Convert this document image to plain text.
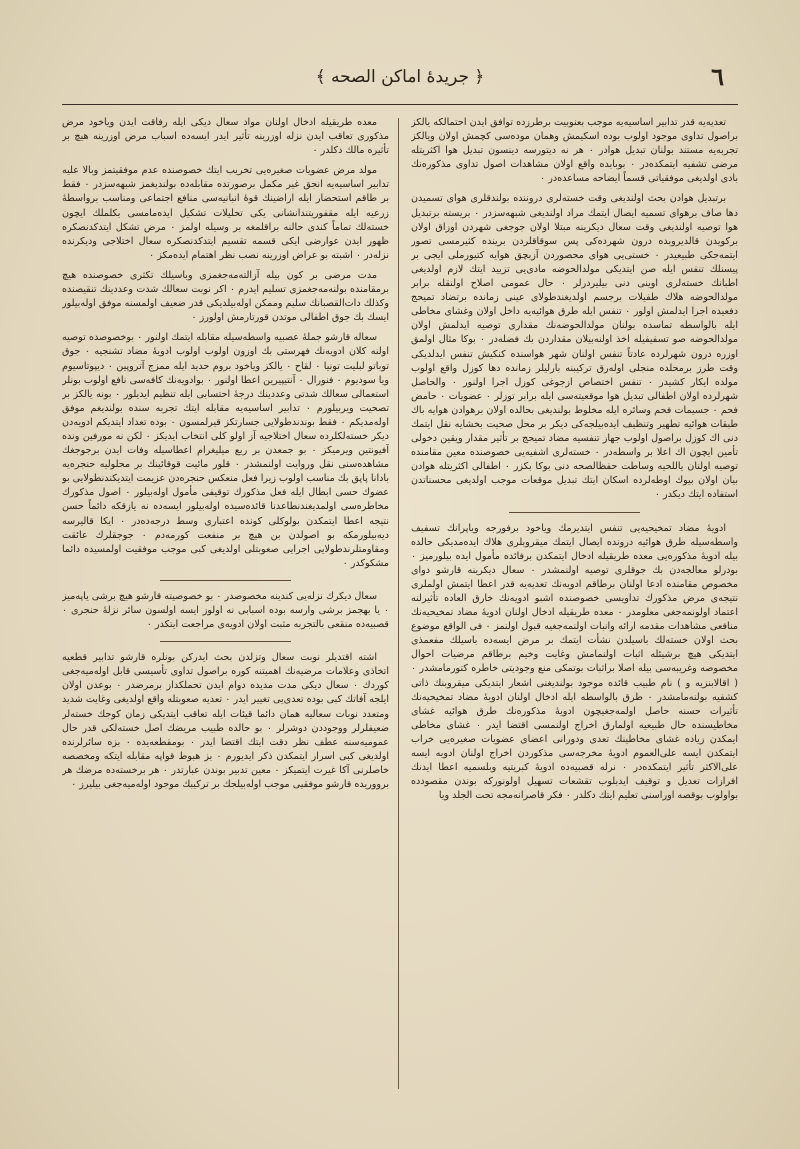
٦
﴿ جریدهٔ اماکن الصحه ﴾

تعدیه‌یه قدر تدابیر اساسیه‌یه موجب بعنوبیت برطرزده توافق ایدن احتمالکه یالکز براصول تداوی موجود اولوب بوده اسکیمش وهمان موده‌سی کچمش اولان ویالکز تجربه‌یه مستند بولنان تبدیل هوادر ۰ هر نه دیتورسه دینسون تبدیل هوا اکثریتله مرضی تشفیه ایتمکده‌در ۰ بوبابده واقع اولان مشاهدات اصول تداوی مذکوره‌نك بادی اولدیغی موفقیاتی قسماً ایضاحه مساعده‌در ۰

برتبدیل هوادن بحث اولندیغی وقت خسته‌لری دروننده بولندقلری هوای تسمیدن دها صاف برهوای تسمیه ایصال ایتمك مراد اولندیغی شبهه‌سزدر ۰ بریسته برتبدیل هوا توصیه اولندیغی وقت سعال دیکرینه مبتلا اولان جوجغی شهردن اوزاق اولان برکویدن قالدیروبده درون شهرده‌کی پس سوقاقلردن برینده کثیرمسی تصور ایتمه‌جکی طبیعیدر ۰ خستی‌یی هوای محصوردن آزبچق هوایه کتیورملی ایجی بر پیسنلك تنفس ایله صن ایتدیکی مولدالحوضه مادی‌یی تزیید ایتك لازم اولدیغی اطبانك خسته‌لری اوینی دنی بیلیردرلر ۰ حال عمومی اصلاح اولنقله برابر مولدالحوضه هلاك طفیلات برجسم اولدیغندطولای عینی زمانده برتضاد تمیحج دفعیده اجرا ایدلمش اولور ۰ تنفس ایله طرق هوائیه‌یه داخل اولان وغشای مخاطی ایله بالواسطه تماسده بولنان مولدالحوضه‌نك مقداری توصیه ایدلمش اولان مولدالحوضه صو تسفیفیله اخذ اولنه‌بیلان مقداردن بك فضله‌در ۰ بوکا مثال اولمق اوزره درون شهرلرده عادتاً تنفس اولنان شهر هواسنده کنکیش تنفس ایدلدیکی وقت طرز برمحلده منجلی اوله‌رق ترکیبنه بارلیلر زمانده دها کوزل واقع اولوب مولده ایکار کشیدر ۰ تنفس اختصاص ازجوغی کوزل اجرا اولنور ۰ والحاصل شهرلرده اولان اطفالی تبدیل هوا موقعیته‌سی ایله برابر توزلر ۰ عضویات ۰ حامض فحم ۰ جسیمات فحم وسائره ایله مخلوط بولندیغی بحالده اولان برهوادن هوایه باك طبقات هوائیه تطهیر وتنظیف ایده‌بیلجه‌کی دیکر بر محل صحیت بخشایه نقل ایتمك دنی اك کوزل براصول اولوب جهاز تنفسیه مضاد تمیحج بر تأثیر مقدار ویقین دخولی تأمین ایچون اك اعلا بر واسطه‌در ۰ خسته‌لری اشفیه‌یی خصوصنده معین مقامنده توصیه اولنان ياللحیه وساطت حفظالصحه دنی بوکا بکزر ۰ اطفالی اکثریتله هوادن بیان اولان بیوك اوطه‌لرده اسکان ایتك تبدیل موقعات موجب اولدیغی محسناتدن استفاده ایتك دیکدر ۰

ادویهٔ مضاد تمخیحیه‌یی تنفس ایتدیرمك ویاخود برفورجه ویاپرانك تسفیف واسطه‌سیله طرق هوائیه درونده ایصال ایتمك میقروبلری هلاك ایده‌مدیکی حالده بیله ادویهٔ مذکوره‌یی معده طریقیله ادخال ایتمکدن برفائده مأمول ایده بیلورمیز ۰ بودرلو معالجه‌دن بك جوقلری توصیه اولنمشدر ۰ سعال دیکرینه قارشو دوای مخصوص مقامنده ادعا اولنان برطاقم ادویه‌نك تعدیه‌یه قدر اعطا ایتمش اولملری نتیجه‌ی مرض مذکورك تداویسی خصوصنده اشبو ادویه‌نك خارق العاده تأثیرلنه اعتماد اولونمه‌جغی معلومدر ۰ معده طریقیله ادخال اولنان ادویهٔ مضاد تمخیحیه‌نك منافعی مشاهدات مقدمه ارائه وانبات اولنمه‌جغیه قبول اولنمز ۰ فی الواقع موضوع بحث اولان خسته‌لك باسیلدن نشأت ایتمك بر مرض ایسه‌ده باسیلك مفعمذی ایتدیکی هیچ برشیئله اثبات اولنمامش وغایت وخیم برطاقم مرضیات احوال مخصوصه وغریبه‌سی بیله اصلا براثبات بوتمکی منع وجودیتی خاطره کتورمامشدر ۰ ( اقالابنزیه و ) نام طبیب قائده موجود بولندیغنی اشعار ایتدیکی میقروبنك ذاتی کشفیه بولنه‌مامشدر ۰ طرق بالواسطه ایله ادخال اولنان ادویهٔ مضاد تمخیحیه‌نك تأثیرات حسنه حاصل اولمه‌جغیچون ادویهٔ مذکوره‌نك طرق هوائیه غشای مخاطیسنده حال طبیعیه اولمارق اخراج اولنمسی اقتضا ایدر ۰ غشای مخاطی ایمکدن زیاده غشای مخاطینك تعدی ودورانی اعضای عضویات صغیره‌یی خراب ایتمکدن ایسه علی‌العموم ادویهٔ مخرجه‌سی مذکوردن اخراج اولنان ادویه ایسه علی‌الاکثر تأثیر ایتمکده‌در ۰ نرله قصبیه‌ده ادویهٔ کبریتیه وبلسمیه اعطا ایدنك افرازات تعدیل و توقیف ایدبلوب تقشعات تسهیل اولونورکه بوندن مقصودده بواولوب بوقصه اوراسنی تعلیم ایتك دکلدر ۰ فکر قاصرانه‌مجه تحت الجلد ویا

معده طریقیله ادخال اولنان مواد سعال دیکی ایله رفاقت ایدن ویاخود مرض مذکوری تعاقب ایدن نزله اوزرینه تأثیر ایدر ایسه‌ده اسباب مرض اوزرینه هیچ بر تأثیره مالك دکلدر ۰

مولد مرض عضویات صغیره‌یی تخریب ایتك خصوصنده عدم موفقیتمز وبالا علیه تدابیر اساسیه‌یه انجق غیر مکمل برصورتده مقابله‌ده بولندیغمز شبهه‌سزدر ۰ فقط بر طاقم استحضار ایله اراضینك قوهٔ انبانیه‌سی منافع اجتماعی ومناسب برواسطهٔ زرعیه ایله مقفوریتندانشانی یکی تحلیلات تشکیل ایده‌مامسی بکلملك ایچون خسته‌لك تماماً کندی حالنه براقلمغه بر وسیله اولمز ۰ مرض تشکل ایتدکدنصکره ظهور ایدن عوارضی ایکی قسمه تقسیم ایتدکدنصکره سعال اختلاجی ودیکرنده نزله‌در ۰ اشبته بو عراض اوزرینه نصب نظر اهتمام ایده‌مکز ۰

مدت مرضی بر کون بیله آزالته‌مه‌جغمزی وباسیلك تکثری خصوصنده هیچ برمقامنده بولنه‌مه‌جغمزی تسلیم ایدرم ۰ اکر نوبت سعالك شدت وعددینك تنقیصنده وکذلك دات‌القصبانك سلیم وممکن اوله‌بیلدیکی قدر ضعیف اولمسنه موفق اوله‌بیلور ایسك بك جوق اطفالی موتدن قورتارمش اولورز ۰

سعاله قارشو جملهٔ عصبیه واسطه‌سیله مقابله ایتمك اولنور ۰ بوخصوصده توصیه اولنه کلان ادویه‌نك فهرستی بك اوزون اولوب اولوب ادویهٔ مضاد تشنجیه ۰ جوق توباتو لبلیت تونیا ۰ لقاح ۰ یالکز ویاخود بروم حدید ایله ممزج آتروپین ۰ دیپوتاسیوم ویا سودیوم ۰ فنورال ۰ آنتیپیرین اعطا اولنور ۰ بوادویه‌نك کافه‌سی نافع اولوب بونلر استعمالی سعالك شدتی وعددینك درجهٔ احتسابی ایله تنظیم ایدیلور ۰ بونه یالکز بر تصحیت ویربیلورم ۰ تدابیر اساسیه‌یه مقابله ایتك تجربه سنده بولندیغم موفق اوله‌مدیکم ۰ فقط بوندندطولایی جسارتکز قیرلمسون ۰ بوده تعداد ایتدیکم ادویه‌دن دیکر خسته‌لکلرده سعال اختلاجیه آز اولو کلی انتخاب ایدیکز ۰ لکن نه مورفین ونده آفیونتین ویرمیکز ۰ بو جمعدن بر ربع میلیغرام اعطاسیله وفات ایدن برجوجغك مشاهده‌سنی نقل وروایت اولنمشدر ۰ قلور مائیت قوقائینك بر محلولیه حنجره‌یه بادانا پاپق بك مناسب اولوب زیرا فعل منعکس حنجره‌دن عزیمت ایتدیکندنطولایی بو عضوك حسی ابطال ایله فعل مذکورك توقیفی مأمول اوله‌بیلور ۰ اصول مذکورك مخاطره‌سی اولمدیغندنطاعدنا قائده‌سیده اوله‌بیلور ایسه‌ده نه یازقکه دائماً حسن نتیجه اعطا ایتمکدن بولوکلی کونده اعتبارى وسط درجه‌ده‌در ۰ ایکا قالیرسه دیه‌بیلورمکه بو اصولدن بن هیچ بر منفعت کورمه‌دم ۰ جوجقلرك عائقت ومقاومتلرندطولایی اجرایی صعوبتلی اولدیغی کبی موجب موفقیت اولمسیده دائما مشکوکدر ۰

سعال دیکرك نزله‌یی کندینه مخصوصدر ۰ بو خصوصیته قارشو هیچ برشی یاپه‌میز ۰ یا بهجمز برشی وارسه بوده اسبابی نه اولوز ایسه اولسون سائر نزلهٔ حنجری ۰ قصبیه‌ده منقعی بالتجربه مثبت اولان ادویه‌ی مراجعت ایتکدر ۰

اشته اقتدیلر نوبت سعال وتزلدن بحث ایدرکن بونلره قارشو تدابیر قطعیه اتخاذی وعلامات مرضیه‌نك اهمیتنه کوره براصول تداوی تأسیسی قابل اوله‌میه‌جغی کوردك ۰ سعال دیکی مدت مدیده دوام ایدن تحملکداز برمرضدر ۰ بوعدن اولان ایلجه آفاتك کبی بوده تعدی‌یی تغییر ایدر ۰ تعدیه صعوبتله واقع اولدیغی وغایت شدید ومتعدد نوبات سعالیه همان دائما قیئات ایله تعاقب ایتدیکی زمان کوجك خسته‌لر ضعیفلرلر ووجوددن دوشرلر ۰ بو حالده طبیب مریضك اصل خسته‌لکی قدر حال عمومیه‌سنه عطف نظر دقت ایتك اقتضا ایدر ۰ بومقطعه‌یده ۰ بزه سائرلرنده اولدیغی کبی اسرار ایتمکدن ذکر ایدیورم ۰ بز هبوط قواپه مقابله ایتکه ومخصصه خاصلرنی آکا غیرت ایتمیکز ۰ معین تدبیر بوندن عبارتدر ۰ هر برخسته‌ده مرضك هر برووریده قارشو موفقیی موجب اوله‌بیلجك بر ترکیبك موجود اوله‌میه‌جغی بیلیرز ۰
